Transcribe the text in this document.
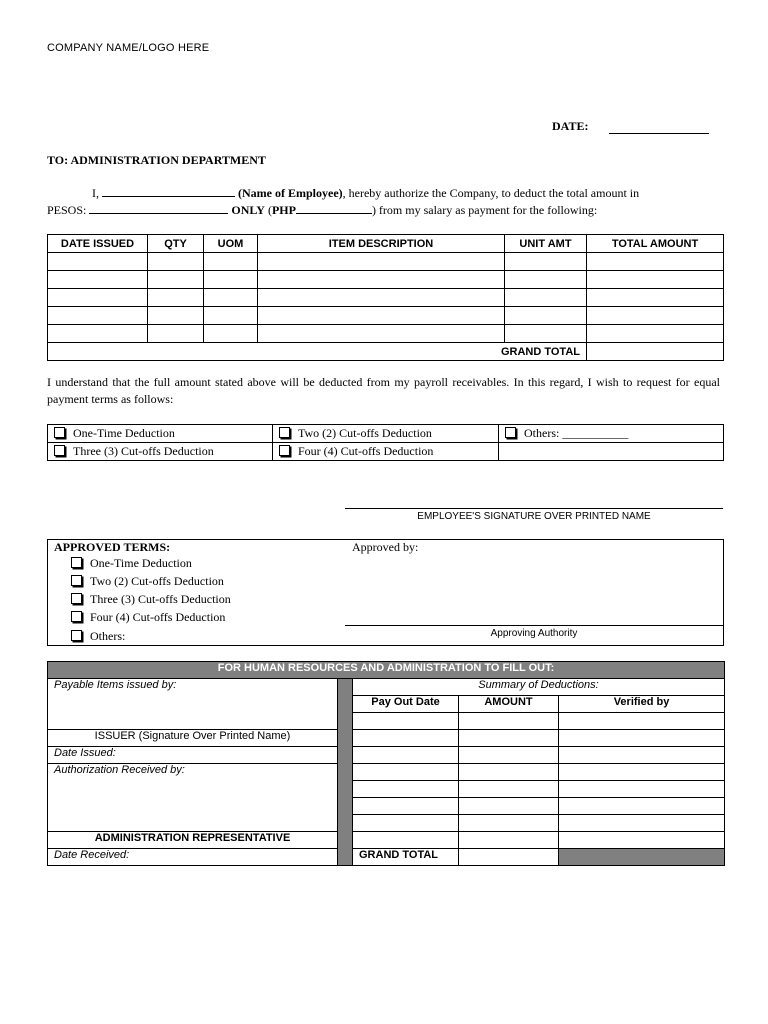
COMPANY NAME/LOGO HERE
DATE:
TO: ADMINISTRATION DEPARTMENT
I,	(Name of Employee), hereby authorize the Company, to deduct the total amount in
PESOS:	ONLY (PHP	) from my salary as payment for the following:
DATE ISSUED	QTY	UOM	ITEM DESCRIPTION	UNIT AMT	TOTAL AMOUNT

GRAND TOTAL					
I understand that the full amount stated above will be deducted from my payroll receivables. In this regard, I wish to request for equal payment terms as follows:
One-Time Deduction	Two (2) Cut-offs Deduction	Others: ___________
Three (3) Cut-offs Deduction	Four (4) Cut-offs Deduction	
EMPLOYEE'S SIGNATURE OVER PRINTED NAME
APPROVED TERMS:	Approved by:
One-Time Deduction
Two (2) Cut-offs Deduction
Three (3) Cut-offs Deduction
Four (4) Cut-offs Deduction
Others:	Approving Authority
FOR HUMAN RESOURCES AND ADMINISTRATION TO FILL OUT:				
Payable Items issued by:		Summary of Deductions:		
		Pay Out Date	AMOUNT	Verified by

ISSUER (Signature Over Printed Name)				
Date Issued:				
Authorization Received by:				

ADMINISTRATION REPRESENTATIVE				
Date Received:		GRAND TOTAL		
